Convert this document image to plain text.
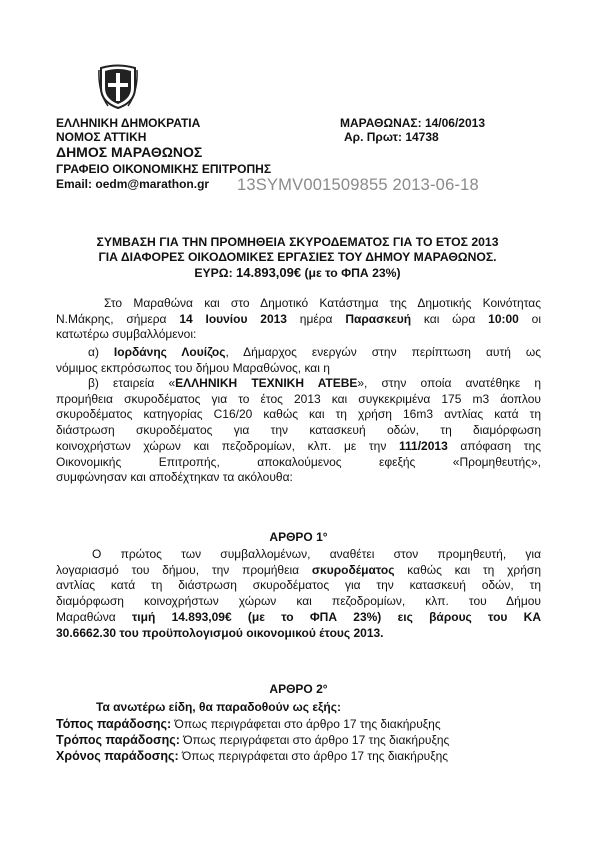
ΕΛΛΗΝΙΚΗ ΔΗΜΟΚΡΑΤΙΑ
ΝΟΜΟΣ ΑΤΤΙΚΗ
ΔΗΜΟΣ ΜΑΡΑΘΩΝΟΣ
ΓΡΑΦΕΙΟ ΟΙΚΟΝΟΜΙΚΗΣ ΕΠΙΤΡΟΠΗΣ
Email: oedm@marathon.gr	13SYMV001509855 2013-06-18
ΜΑΡΑΘΩΝΑΣ: 14/06/2013
Αρ. Πρωτ: 14738
ΣΥΜΒΑΣΗ ΓΙΑ ΤΗΝ ΠΡΟΜΗΘΕΙΑ ΣΚΥΡΟΔΕΜΑΤΟΣ ΓΙΑ ΤΟ ΕΤΟΣ 2013
ΓΙΑ ΔΙΑΦΟΡΕΣ ΟΙΚΟΔΟΜΙΚΕΣ ΕΡΓΑΣΙΕΣ ΤΟΥ ΔΗΜΟΥ ΜΑΡΑΘΩΝΟΣ.
ΕΥΡΩ: 14.893,09€ (με το ΦΠΑ 23%)
Στο Μαραθώνα και στο Δημοτικό Κατάστημα της Δημοτικής Κοινότητας
Ν.Μάκρης, σήμερα 14 Ιουνίου 2013 ημέρα Παρασκευή και ώρα 10:00 οι
κατωτέρω συμβαλλόμενοι:
α) Ιορδάνης Λουίζος, Δήμαρχος ενεργών στην περίπτωση αυτή ως
νόμιμος εκπρόσωπος του δήμου Μαραθώνος, και η
β) εταιρεία «ΕΛΛΗΝΙΚΗ ΤΕΧΝΙΚΗ ΑΤΕΒΕ», στην οποία ανατέθηκε η
προμήθεια σκυροδέματος για το έτος 2013 και συγκεκριμένα 175 m3 άοπλου
σκυροδέματος κατηγορίας C16/20 καθώς και τη χρήση 16m3 αντλίας κατά τη
διάστρωση σκυροδέματος για την κατασκευή οδών, τη διαμόρφωση
κοινοχρήστων χώρων και πεζοδρομίων, κλπ. με την 111/2013 απόφαση της
Οικονομικής Επιτροπής, αποκαλούμενος εφεξής «Προμηθευτής»,
συμφώνησαν και αποδέχτηκαν τα ακόλουθα:
ΑΡΘΡΟ 1°
Ο πρώτος των συμβαλλομένων, αναθέτει στον προμηθευτή, για
λογαριασμό του δήμου, την προμήθεια σκυροδέματος καθώς και τη χρήση
αντλίας κατά τη διάστρωση σκυροδέματος για την κατασκευή οδών, τη
διαμόρφωση κοινοχρήστων χώρων και πεζοδρομίων, κλπ. του Δήμου
Μαραθώνα τιμή 14.893,09€ (με το ΦΠΑ 23%) εις βάρους του ΚΑ
30.6662.30 του προϋπολογισμού οικονομικού έτους 2013.
ΑΡΘΡΟ 2°
Τα ανωτέρω είδη, θα παραδοθούν ως εξής:
Τόπος παράδοσης: Όπως περιγράφεται στο άρθρο 17 της διακήρυξης
Τρόπος παράδοσης: Όπως περιγράφεται στο άρθρο 17 της διακήρυξης
Χρόνος παράδοσης: Όπως περιγράφεται στο άρθρο 17 της διακήρυξης
